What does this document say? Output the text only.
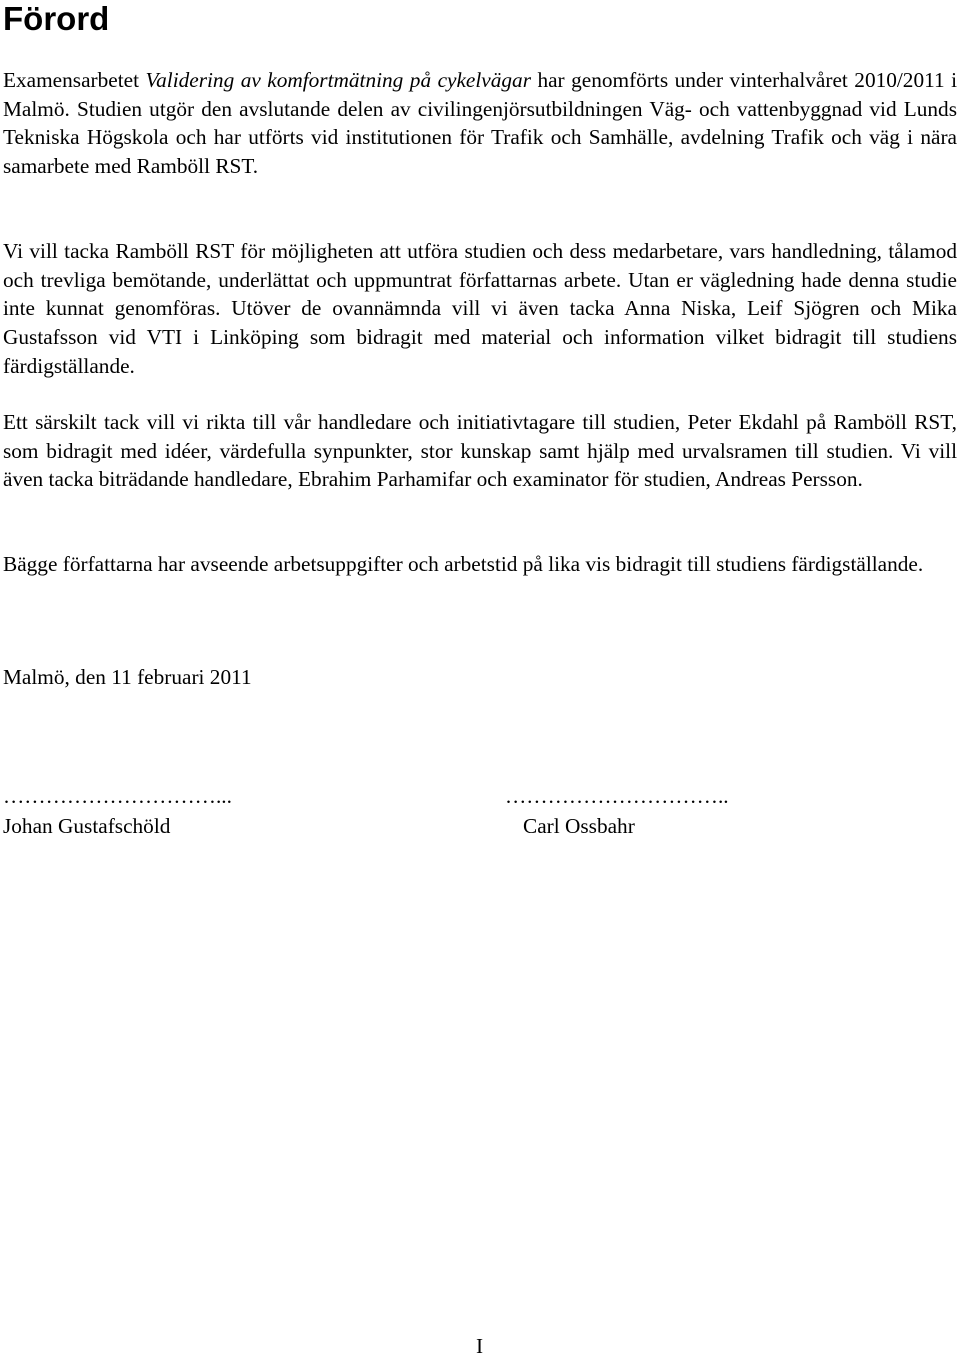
Förord

Examensarbetet Validering av komfortmätning på cykelvägar har genomförts under vinterhalvåret 2010/2011 i Malmö. Studien utgör den avslutande delen av civilingenjörsutbildningen Väg- och vattenbyggnad vid Lunds Tekniska Högskola och har utförts vid institutionen för Trafik och Samhälle, avdelning Trafik och väg i nära samarbete med Ramböll RST.

Vi vill tacka Ramböll RST för möjligheten att utföra studien och dess medarbetare, vars handledning, tålamod och trevliga bemötande, underlättat och uppmuntrat författarnas arbete. Utan er vägledning hade denna studie inte kunnat genomföras. Utöver de ovannämnda vill vi även tacka Anna Niska, Leif Sjögren och Mika Gustafsson vid VTI i Linköping som bidragit med material och information vilket bidragit till studiens färdigställande.

Ett särskilt tack vill vi rikta till vår handledare och initiativtagare till studien, Peter Ekdahl på Ramböll RST, som bidragit med idéer, värdefulla synpunkter, stor kunskap samt hjälp med urvalsramen till studien. Vi vill även tacka biträdande handledare, Ebrahim Parhamifar och examinator för studien, Andreas Persson.

Bägge författarna har avseende arbetsuppgifter och arbetstid på lika vis bidragit till studiens färdigställande.

Malmö, den 11 februari 2011

…………………………...
Johan Gustafschöld
…………………………..
Carl Ossbahr
I
